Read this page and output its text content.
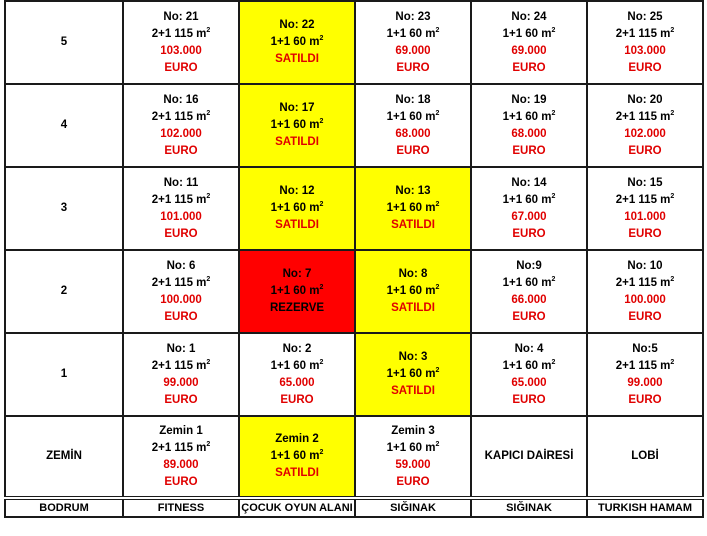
5	No: 21
2+1 115 $m^2$
103.000
EURO	No: 22
1+1 60 $m^2$
SATILDI	No: 23
1+1 60 $m^2$
69.000
EURO	No: 24
1+1 60 $m^2$
69.000
EURO	No: 25
2+1 115 $m^2$
103.000
EURO

4	No: 16
2+1 115 $m^2$
102.000
EURO	No: 17
1+1 60 $m^2$
SATILDI	No: 18
1+1 60 $m^2$
68.000
EURO	No: 19
1+1 60 $m^2$
68.000
EURO	No: 20
2+1 115 $m^2$
102.000
EURO

3	No: 11
2+1 115 $m^2$
101.000
EURO	No: 12
1+1 60 $m^2$
SATILDI	No: 13
1+1 60 $m^2$
SATILDI	No: 14
1+1 60 $m^2$
67.000
EURO	No: 15
2+1 115 $m^2$
101.000
EURO

2	No: 6
2+1 115 $m^2$
100.000
EURO	No: 7
1+1 60 $m^2$
REZERVE	No: 8
1+1 60 $m^2$
SATILDI	No:9
1+1 60 $m^2$
66.000
EURO	No: 10
2+1 115 $m^2$
100.000
EURO

1	No: 1
2+1 115 $m^2$
99.000
EURO	No: 2
1+1 60 $m^2$
65.000
EURO	No: 3
1+1 60 $m^2$
SATILDI	No: 4
1+1 60 $m^2$
65.000
EURO	No:5
2+1 115 $m^2$
99.000
EURO

ZEMİN	Zemin 1
2+1 115 $m^2$
89.000
EURO	Zemin 2
1+1 60 $m^2$
SATILDI	Zemin 3
1+1 60 $m^2$
59.000
EURO	KAPICI DAİRESİ	LOBİ

BODRUM	FITNESS	ÇOCUK OYUN ALANI	SIĞINAK	SIĞINAK	TURKISH HAMAM
